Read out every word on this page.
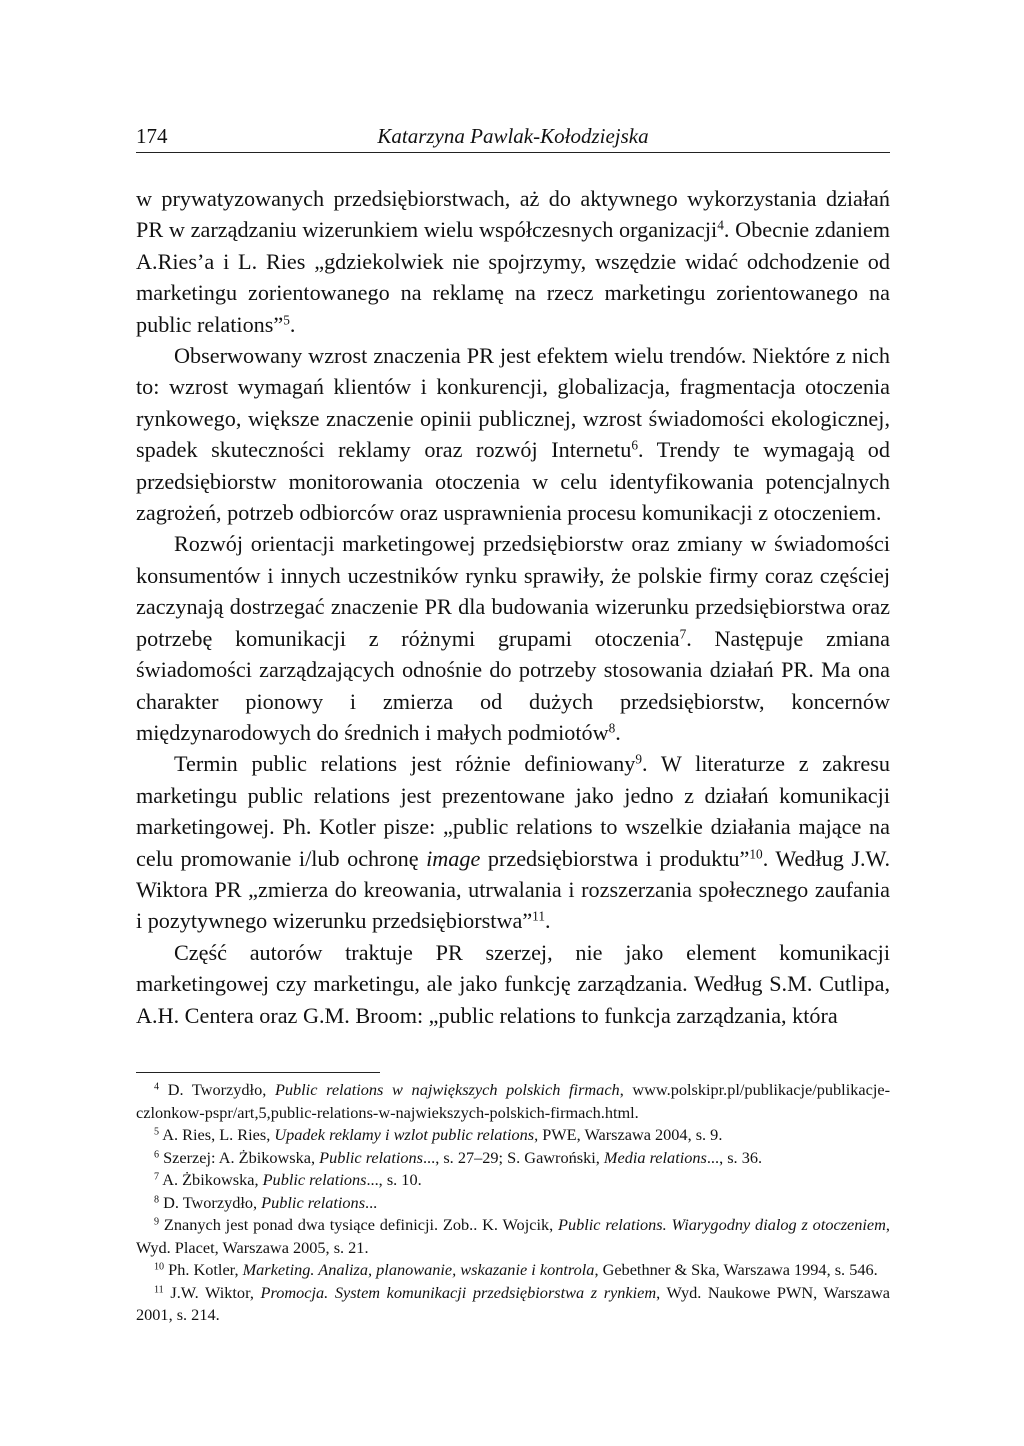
174	Katarzyna Pawlak-Kołodziejska

w prywatyzowanych przedsiębiorstwach, aż do aktywnego wykorzystania działań PR w zarządzaniu wizerunkiem wielu współczesnych organizacji$^4$. Obecnie zdaniem A.Ries’a i L. Ries „gdziekolwiek nie spojrzymy, wszędzie widać odchodzenie od marketingu zorientowanego na reklamę na rzecz marketingu zorientowanego na public relations”$^5$.

Obserwowany wzrost znaczenia PR jest efektem wielu trendów. Niektóre z nich to: wzrost wymagań klientów i konkurencji, globalizacja, fragmentacja otoczenia rynkowego, większe znaczenie opinii publicznej, wzrost świadomości ekologicznej, spadek skuteczności reklamy oraz rozwój Internetu$^6$. Trendy te wymagają od przedsiębiorstw monitorowania otoczenia w celu identyfikowania potencjalnych zagrożeń, potrzeb odbiorców oraz usprawnienia procesu komunikacji z otoczeniem.

Rozwój orientacji marketingowej przedsiębiorstw oraz zmiany w świadomości konsumentów i innych uczestników rynku sprawiły, że polskie firmy coraz częściej zaczynają dostrzegać znaczenie PR dla budowania wizerunku przedsiębiorstwa oraz potrzebę komunikacji z różnymi grupami otoczenia$^7$. Następuje zmiana świadomości zarządzających odnośnie do potrzeby stosowania działań PR. Ma ona charakter pionowy i zmierza od dużych przedsiębiorstw, koncernów międzynarodowych do średnich i małych podmiotów$^8$.

Termin public relations jest różnie definiowany$^9$. W literaturze z zakresu marketingu public relations jest prezentowane jako jedno z działań komunikacji marketingowej. Ph. Kotler pisze: „public relations to wszelkie działania mające na celu promowanie i/lub ochronę image przedsiębiorstwa i produktu”$^{10}$. Według J.W. Wiktora PR „zmierza do kreowania, utrwalania i rozszerzania społecznego zaufania i pozytywnego wizerunku przedsiębiorstwa”$^{11}$.

Część autorów traktuje PR szerzej, nie jako element komunikacji marketingowej czy marketingu, ale jako funkcję zarządzania. Według S.M. Cutlipa, A.H. Centera oraz G.M. Broom: „public relations to funkcja zarządzania, która

$^4$ D. Tworzydło, Public relations w największych polskich firmach, www.polskipr.pl/publikacje/publikacje-czlonkow-pspr/art,5,public-relations-w-najwiekszych-polskich-firmach.html.

$^5$ A. Ries, L. Ries, Upadek reklamy i wzlot public relations, PWE, Warszawa 2004, s. 9.

$^6$ Szerzej: A. Żbikowska, Public relations..., s. 27–29; S. Gawroński, Media relations..., s. 36.

$^7$ A. Żbikowska, Public relations..., s. 10.

$^8$ D. Tworzydło, Public relations...

$^9$ Znanych jest ponad dwa tysiące definicji. Zob.. K. Wojcik, Public relations. Wiarygodny dialog z otoczeniem, Wyd. Placet, Warszawa 2005, s. 21.

$^{10}$ Ph. Kotler, Marketing. Analiza, planowanie, wskazanie i kontrola, Gebethner & Ska, Warszawa 1994, s. 546.

$^{11}$ J.W. Wiktor, Promocja. System komunikacji przedsiębiorstwa z rynkiem, Wyd. Naukowe PWN, Warszawa 2001, s. 214.
